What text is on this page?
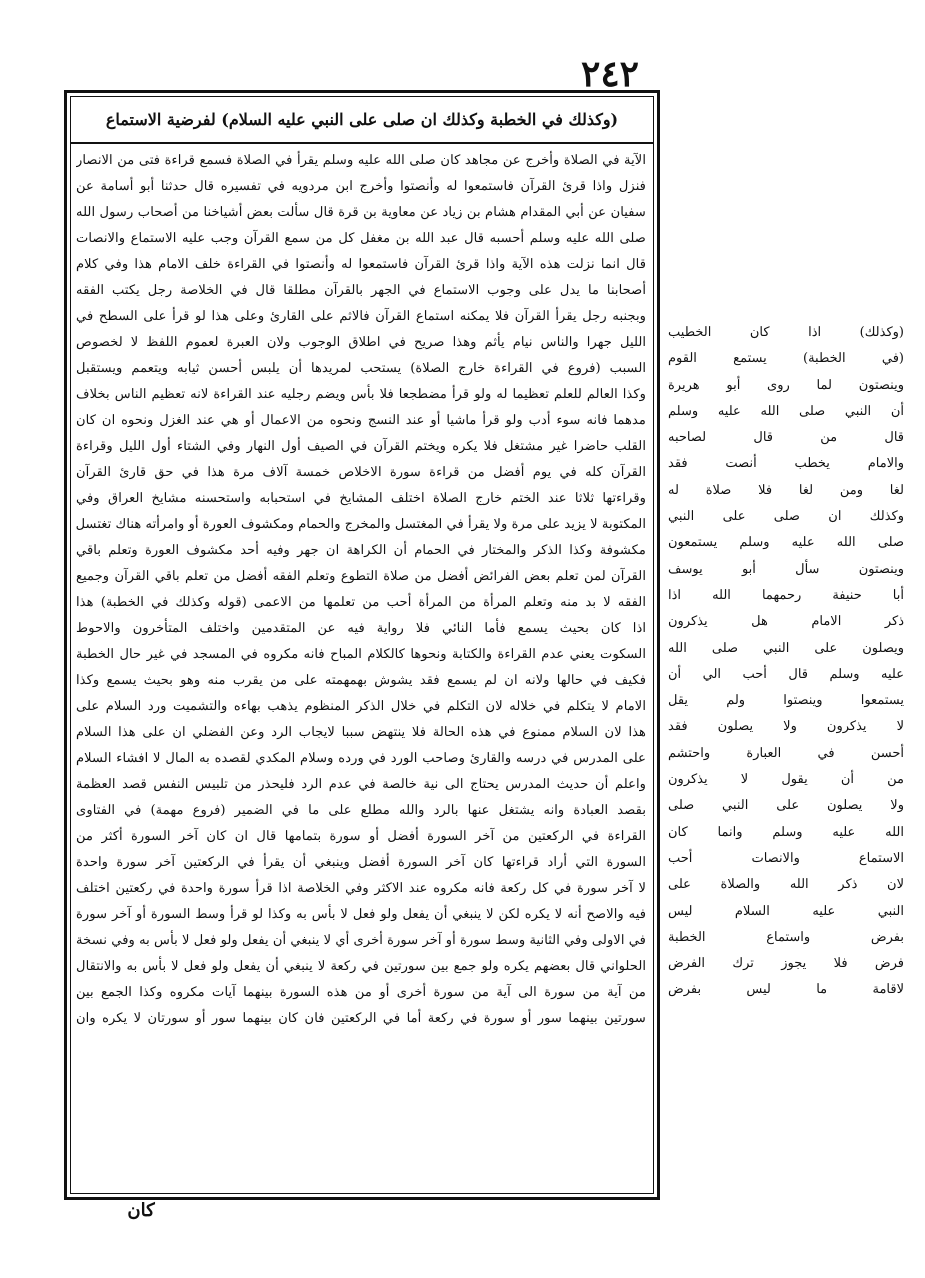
٢٤٢
(وكذلك في الخطبة وكذلك ان صلى على النبي عليه السلام) لفرضية الاستماع
الآية في الصلاة وأخرج عن مجاهد كان صلى الله عليه وسلم يقرأ في الصلاة فسمع قراءة فتى من الانصار
فنزل واذا قرئ القرآن فاستمعوا له وأنصتوا وأخرج ابن مردويه في تفسيره قال حدثنا أبو أسامة عن
سفيان عن أبي المقدام هشام بن زياد عن معاوية بن قرة قال سألت بعض أشياخنا من أصحاب رسول الله
صلى الله عليه وسلم أحسبه قال عبد الله بن مغفل كل من سمع القرآن وجب عليه الاستماع والانصات
قال انما نزلت هذه الآية واذا قرئ القرآن فاستمعوا له وأنصتوا في القراءة خلف الامام هذا وفي كلام
أصحابنا ما يدل على وجوب الاستماع في الجهر بالقرآن مطلقا قال في الخلاصة رجل يكتب الفقه
وبجنبه رجل يقرأ القرآن فلا يمكنه استماع القرآن فالاثم على القارئ وعلى هذا لو قرأ على السطح في
الليل جهرا والناس نيام يأثم وهذا صريح في اطلاق الوجوب ولان العبرة لعموم اللفظ لا لخصوص
السبب (فروع في القراءة خارج الصلاة) يستحب لمريدها أن يلبس أحسن ثيابه ويتعمم ويستقبل
وكذا العالم للعلم تعظيما له ولو قرأ مضطجعا فلا بأس ويضم رجليه عند القراءة لانه تعظيم الناس بخلاف
مدهما فانه سوء أدب ولو قرأ ماشيا أو عند النسج ونحوه من الاعمال أو هي عند الغزل ونحوه ان كان
القلب حاضرا غير مشتغل فلا يكره ويختم القرآن في الصيف أول النهار وفي الشتاء أول الليل وقراءة
القرآن كله في يوم أفضل من قراءة سورة الاخلاص خمسة آلاف مرة هذا في حق قارئ القرآن
وقراءتها ثلاثا عند الختم خارج الصلاة اختلف المشايخ في استحبابه واستحسنه مشايخ العراق وفي
المكتوبة لا يزيد على مرة ولا يقرأ في المغتسل والمخرج والحمام ومكشوف العورة أو وامرأته هناك تغتسل
مكشوفة وكذا الذكر والمختار في الحمام أن الكراهة ان جهر وفيه أحد مكشوف العورة وتعلم باقي
القرآن لمن تعلم بعض الفرائض أفضل من صلاة التطوع وتعلم الفقه أفضل من تعلم باقي القرآن وجميع
الفقه لا بد منه وتعلم المرأة من المرأة أحب من تعلمها من الاعمى (قوله وكذلك في الخطبة) هذا
اذا كان بحيث يسمع فأما النائي فلا رواية فيه عن المتقدمين واختلف المتأخرون والاحوط
السكوت يعني عدم القراءة والكتابة ونحوها كالكلام المباح فانه مكروه في المسجد في غير حال الخطبة
فكيف في حالها ولانه ان لم يسمع فقد يشوش بهمهمته على من يقرب منه وهو بحيث يسمع وكذا
الامام لا يتكلم في خلاله لان التكلم في خلال الذكر المنظوم يذهب بهاءه والتشميت ورد السلام على
هذا لان السلام ممنوع في هذه الحالة فلا ينتهض سببا لايجاب الرد وعن الفضلي ان على هذا السلام
على المدرس في درسه والقارئ وصاحب الورد في ورده وسلام المكدي لقصده به المال لا افشاء السلام
واعلم أن حديث المدرس يحتاج الى نية خالصة في عدم الرد فليحذر من تلبيس النفس قصد العظمة
بقصد العبادة وانه يشتغل عنها بالرد والله مطلع على ما في الضمير (فروع مهمة) في الفتاوى
القراءة في الركعتين من آخر السورة أفضل أو سورة بتمامها قال ان كان آخر السورة أكثر من
السورة التي أراد قراءتها كان آخر السورة أفضل وينبغي أن يقرأ في الركعتين آخر سورة واحدة
لا آخر سورة في كل ركعة فانه مكروه عند الاكثر وفي الخلاصة اذا قرأ سورة واحدة في ركعتين اختلف
فيه والاصح أنه لا يكره لكن لا ينبغي أن يفعل ولو فعل لا بأس به وكذا لو قرأ وسط السورة أو آخر سورة
في الاولى وفي الثانية وسط سورة أو آخر سورة أخرى أي لا ينبغي أن يفعل ولو فعل لا بأس به وفي نسخة
الحلواني قال بعضهم يكره ولو جمع بين سورتين في ركعة لا ينبغي أن يفعل ولو فعل لا بأس به والانتقال
من آية من سورة الى آية من سورة أخرى أو من هذه السورة بينهما آيات مكروه وكذا الجمع بين
سورتين بينهما سور أو سورة في ركعة أما في الركعتين فان كان بينهما سور أو سورتان لا يكره وان
(وكذلك) اذا كان الخطيب
(في الخطبة) يستمع القوم
وينصتون لما روى أبو هريرة
أن النبي صلى الله عليه وسلم
قال من قال لصاحبه
والامام يخطب أنصت فقد
لغا ومن لغا فلا صلاة له
وكذلك ان صلى على النبي
صلى الله عليه وسلم يستمعون
وينصتون سأل أبو يوسف
أبا حنيفة رحمهما الله اذا
ذكر الامام هل يذكرون
ويصلون على النبي صلى الله
عليه وسلم قال أحب الي أن
يستمعوا وينصتوا ولم يقل
لا يذكرون ولا يصلون فقد
أحسن في العبارة واحتشم
من أن يقول لا يذكرون
ولا يصلون على النبي صلى
الله عليه وسلم وانما كان
الاستماع والانصات أحب
لان ذكر الله والصلاة على
النبي عليه السلام ليس
بفرض واستماع الخطبة
فرض فلا يجوز ترك الفرض
لاقامة ما ليس بفرض
كان
